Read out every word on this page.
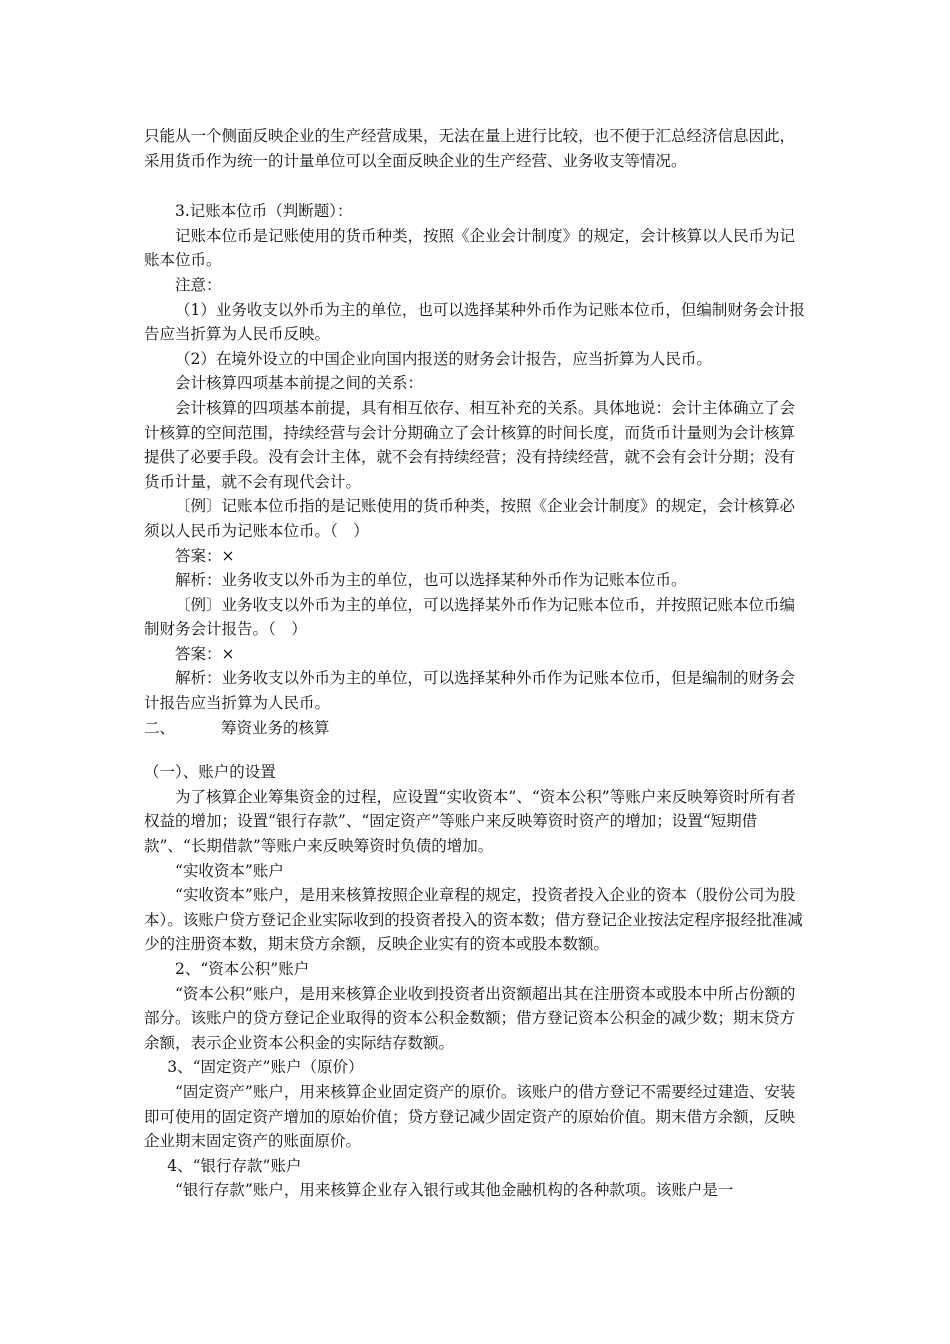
只能从一个侧面反映企业的生产经营成果，无法在量上进行比较，也不便于汇总经济信息因此，采用货币作为统一的计量单位可以全面反映企业的生产经营、业务收支等情况。

3.记账本位币（判断题）：

记账本位币是记账使用的货币种类，按照《企业会计制度》的规定，会计核算以人民币为记账本位币。

注意：

（1）业务收支以外币为主的单位，也可以选择某种外币作为记账本位币，但编制财务会计报告应当折算为人民币反映。

（2）在境外设立的中国企业向国内报送的财务会计报告，应当折算为人民币。

会计核算四项基本前提之间的关系：

会计核算的四项基本前提，具有相互依存、相互补充的关系。具体地说：会计主体确立了会计核算的空间范围，持续经营与会计分期确立了会计核算的时间长度，而货币计量则为会计核算提供了必要手段。没有会计主体，就不会有持续经营；没有持续经营，就不会有会计分期；没有货币计量，就不会有现代会计。

〔例〕记账本位币指的是记账使用的货币种类，按照《企业会计制度》的规定，会计核算必须以人民币为记账本位币。（　）

答案：×

解析：业务收支以外币为主的单位，也可以选择某种外币作为记账本位币。

〔例〕业务收支以外币为主的单位，可以选择某外币作为记账本位币，并按照记账本位币编制财务会计报告。（　）

答案：×

解析：业务收支以外币为主的单位，可以选择某种外币作为记账本位币，但是编制的财务会计报告应当折算为人民币。

二、	筹资业务的核算

（一）、账户的设置

为了核算企业筹集资金的过程，应设置“实收资本”、“资本公积”等账户来反映筹资时所有者权益的增加；设置“银行存款”、“固定资产”等账户来反映筹资时资产的增加；设置“短期借款”、“长期借款”等账户来反映筹资时负债的增加。

“实收资本”账户

“实收资本”账户，是用来核算按照企业章程的规定，投资者投入企业的资本（股份公司为股本）。该账户贷方登记企业实际收到的投资者投入的资本数；借方登记企业按法定程序报经批准减少的注册资本数，期末贷方余额，反映企业实有的资本或股本数额。

2、“资本公积”账户

“资本公积”账户，是用来核算企业收到投资者出资额超出其在注册资本或股本中所占份额的部分。该账户的贷方登记企业取得的资本公积金数额；借方登记资本公积金的减少数；期末贷方余额，表示企业资本公积金的实际结存数额。

3、“固定资产”账户（原价）

“固定资产”账户，用来核算企业固定资产的原价。该账户的借方登记不需要经过建造、安装即可使用的固定资产增加的原始价值；贷方登记减少固定资产的原始价值。期末借方余额，反映企业期末固定资产的账面原价。

4、“银行存款”账户

“银行存款”账户，用来核算企业存入银行或其他金融机构的各种款项。该账户是一
